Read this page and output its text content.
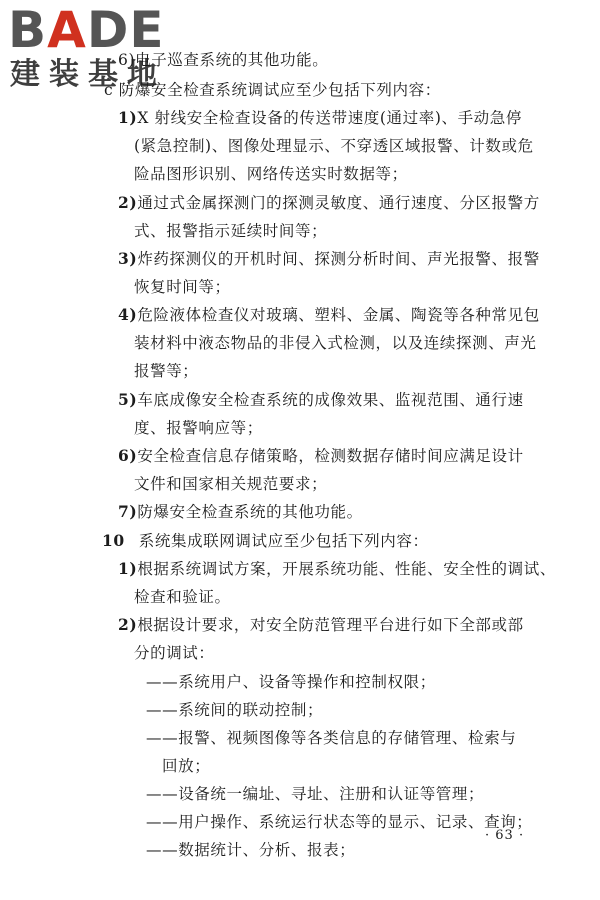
BADE
建装基地
6)电子巡查系统的其他功能。
c 防爆安全检查系统调试应至少包括下列内容：
1)X 射线安全检查设备的传送带速度(通过率)、手动急停
(紧急控制)、图像处理显示、不穿透区域报警、计数或危
险品图形识别、网络传送实时数据等；
2)通过式金属探测门的探测灵敏度、通行速度、分区报警方
式、报警指示延续时间等；
3)炸药探测仪的开机时间、探测分析时间、声光报警、报警
恢复时间等；
4)危险液体检查仪对玻璃、塑料、金属、陶瓷等各种常见包
装材料中液态物品的非侵入式检测，以及连续探测、声光
报警等；
5)车底成像安全检查系统的成像效果、监视范围、通行速
度、报警响应等；
6)安全检查信息存储策略，检测数据存储时间应满足设计
文件和国家相关规范要求；
7)防爆安全检查系统的其他功能。
10 系统集成联网调试应至少包括下列内容：
1)根据系统调试方案，开展系统功能、性能、安全性的调试、
检查和验证。
2)根据设计要求，对安全防范管理平台进行如下全部或部
分的调试：
——系统用户、设备等操作和控制权限；
——系统间的联动控制；
——报警、视频图像等各类信息的存储管理、检索与
回放；
——设备统一编址、寻址、注册和认证等管理；
——用户操作、系统运行状态等的显示、记录、查询；
——数据统计、分析、报表；
· 63 ·
